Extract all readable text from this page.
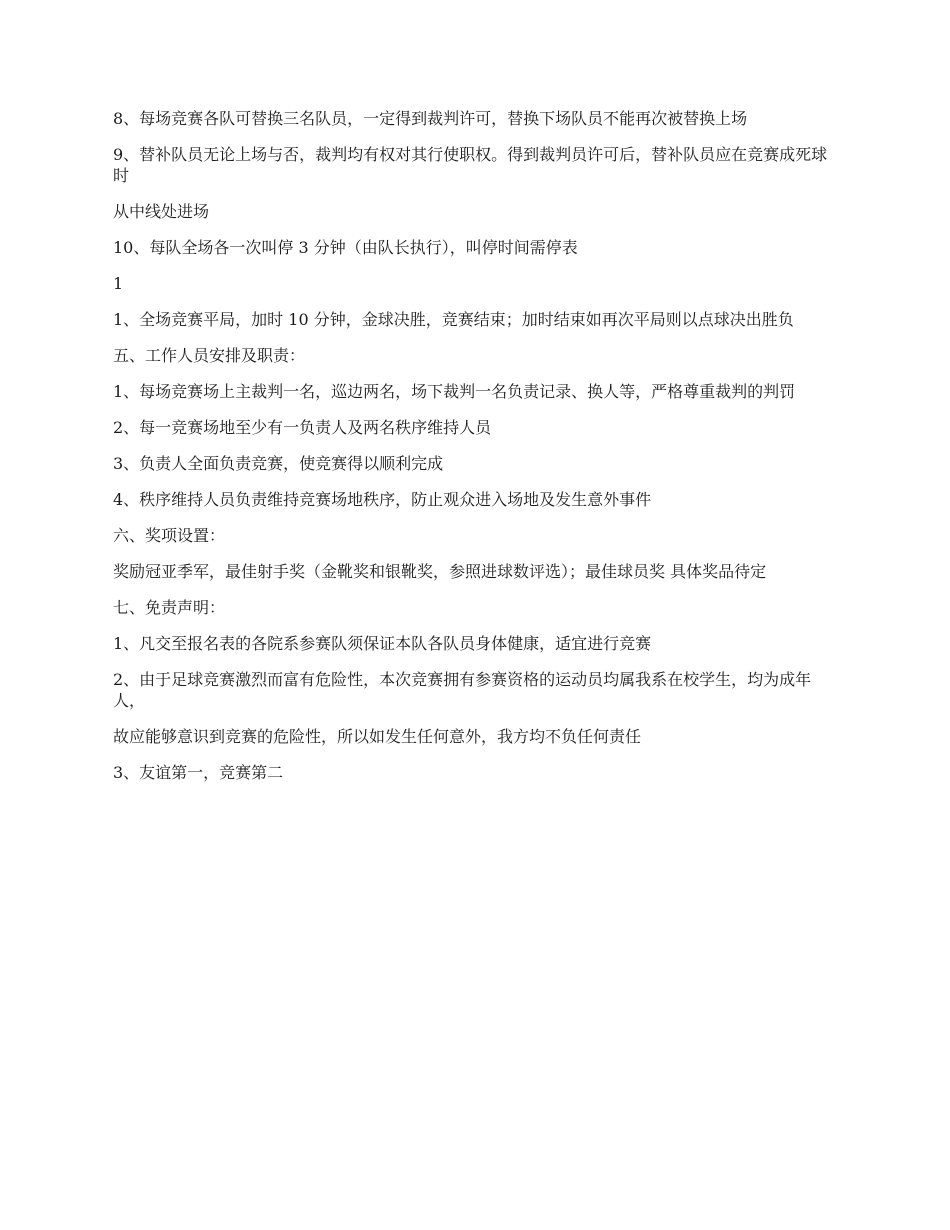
8、每场竞赛各队可替换三名队员，一定得到裁判许可，替换下场队员不能再次被替换上场

9、替补队员无论上场与否，裁判均有权对其行使职权。得到裁判员许可后，替补队员应在竞赛成死球时

从中线处进场

10、每队全场各一次叫停 3 分钟（由队长执行），叫停时间需停表

1

1、全场竞赛平局，加时 10 分钟，金球决胜，竞赛结束；加时结束如再次平局则以点球决出胜负

五、工作人员安排及职责：

1、每场竞赛场上主裁判一名，巡边两名，场下裁判一名负责记录、换人等，严格尊重裁判的判罚

2、每一竞赛场地至少有一负责人及两名秩序维持人员

3、负责人全面负责竞赛，使竞赛得以顺利完成

4、秩序维持人员负责维持竞赛场地秩序，防止观众进入场地及发生意外事件

六、奖项设置：

奖励冠亚季军，最佳射手奖（金靴奖和银靴奖，参照进球数评选）；最佳球员奖 具体奖品待定

七、免责声明：

1、凡交至报名表的各院系参赛队须保证本队各队员身体健康，适宜进行竞赛

2、由于足球竞赛激烈而富有危险性，本次竞赛拥有参赛资格的运动员均属我系在校学生，均为成年人，

故应能够意识到竞赛的危险性，所以如发生任何意外，我方均不负任何责任

3、友谊第一，竞赛第二
